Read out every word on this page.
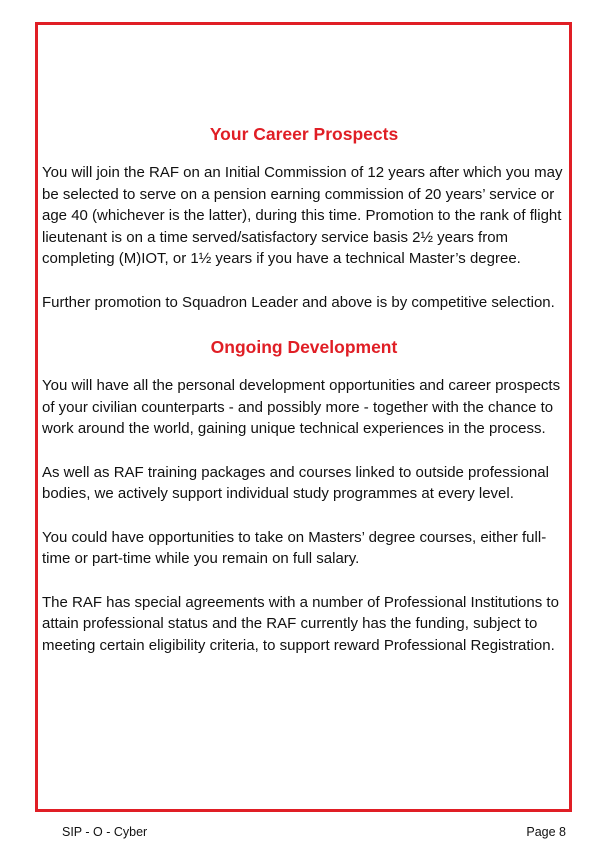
Your Career Prospects

You will join the RAF on an Initial Commission of 12 years after which you may be selected to serve on a pension earning commission of 20 years’ service or age 40 (whichever is the latter), during this time. Promotion to the rank of flight lieutenant is on a time served/satisfactory service basis 2½ years from completing (M)IOT, or 1½ years if you have a technical Master’s degree.

Further promotion to Squadron Leader and above is by competitive selection.

Ongoing Development

You will have all the personal development opportunities and career prospects of your civilian counterparts - and possibly more - together with the chance to work around the world, gaining unique technical experiences in the process.

As well as RAF training packages and courses linked to outside professional bodies, we actively support individual study programmes at every level.

You could have opportunities to take on Masters’ degree courses, either full-time or part-time while you remain on full salary.

The RAF has special agreements with a number of Professional Institutions to attain professional status and the RAF currently has the funding, subject to meeting certain eligibility criteria, to support reward Professional Registration.

SIP - O - Cyber	Page 8
